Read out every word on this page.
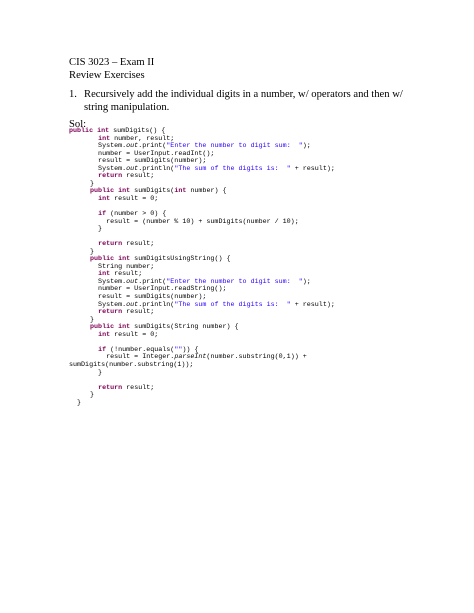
CIS 3023 – Exam II
Review Exercises
1. Recursively add the individual digits in a number, w/ operators and then w/ string manipulation.
Sol:
public int sumDigits() {
int number, result;
System.out.print("Enter the number to digit sum:  ");
number = UserInput.readInt();
result = sumDigits(number);
System.out.println("The sum of the digits is:  " + result);
return result;
}
public int sumDigits(int number) {
int result = 0;
if (number > 0) {
result = (number % 10) + sumDigits(number / 10);
}
return result;
}
public int sumDigitsUsingString() {
String number;
int result;
System.out.print("Enter the number to digit sum:  ");
number = UserInput.readString();
result = sumDigits(number);
System.out.println("The sum of the digits is:  " + result);
return result;
}
public int sumDigits(String number) {
int result = 0;
if (!number.equals("")) {
result = Integer.parseInt(number.substring(0,1)) +
sumDigits(number.substring(1));
}
return result;
}
}
